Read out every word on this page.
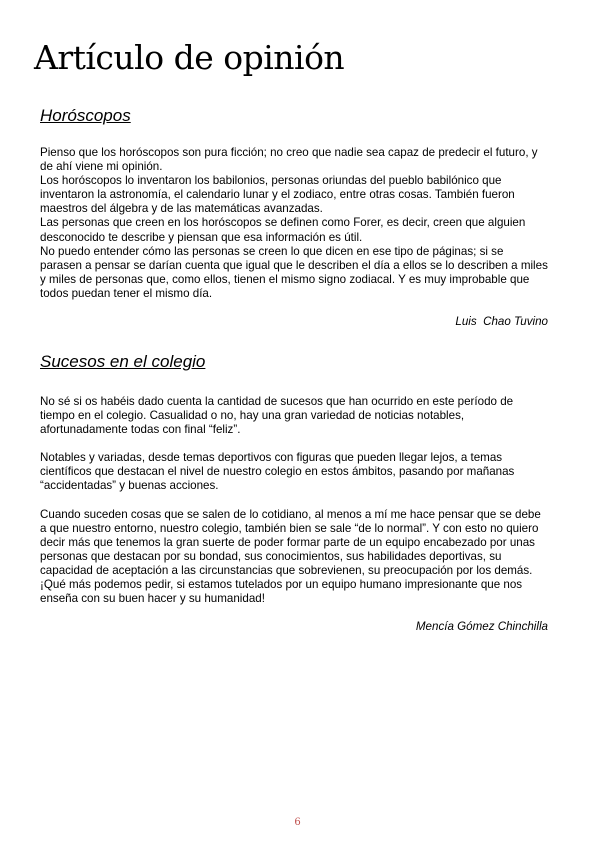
Artículo de opinión
Horóscopos

Pienso que los horóscopos son pura ficción; no creo que nadie sea capaz de predecir el futuro, y de ahí viene mi opinión.

Los horóscopos lo inventaron los babilonios, personas oriundas del pueblo babilónico que inventaron la astronomía, el calendario lunar y el zodiaco, entre otras cosas. También fueron maestros del álgebra y de las matemáticas avanzadas.

Las personas que creen en los horóscopos se definen como Forer, es decir, creen que alguien desconocido te describe y piensan que esa información es útil.

No puedo entender cómo las personas se creen lo que dicen en ese tipo de páginas; si se parasen a pensar se darían cuenta que igual que le describen el día a ellos se lo describen a miles y miles de personas que, como ellos, tienen el mismo signo zodiacal. Y es muy improbable que todos puedan tener el mismo día.

Luis  Chao Tuvino
Sucesos en el colegio

No sé si os habéis dado cuenta la cantidad de sucesos que han ocurrido en este período de tiempo en el colegio. Casualidad o no, hay una gran variedad de noticias notables, afortunadamente todas con final “feliz”.

Notables y variadas, desde temas deportivos con figuras que pueden llegar lejos, a temas científicos que destacan el nivel de nuestro colegio en estos ámbitos, pasando por mañanas “accidentadas” y buenas acciones.

Cuando suceden cosas que se salen de lo cotidiano, al menos a mí me hace pensar que se debe a que nuestro entorno, nuestro colegio, también bien se sale “de lo normal”. Y con esto no quiero decir más que tenemos la gran suerte de poder formar parte de un equipo encabezado por unas personas que destacan por su bondad, sus conocimientos, sus habilidades deportivas, su capacidad de aceptación a las circunstancias que sobrevienen, su preocupación por los demás. ¡Qué más podemos pedir, si estamos tutelados por un equipo humano impresionante que nos enseña con su buen hacer y su humanidad!

Mencía Gómez Chinchilla
6
